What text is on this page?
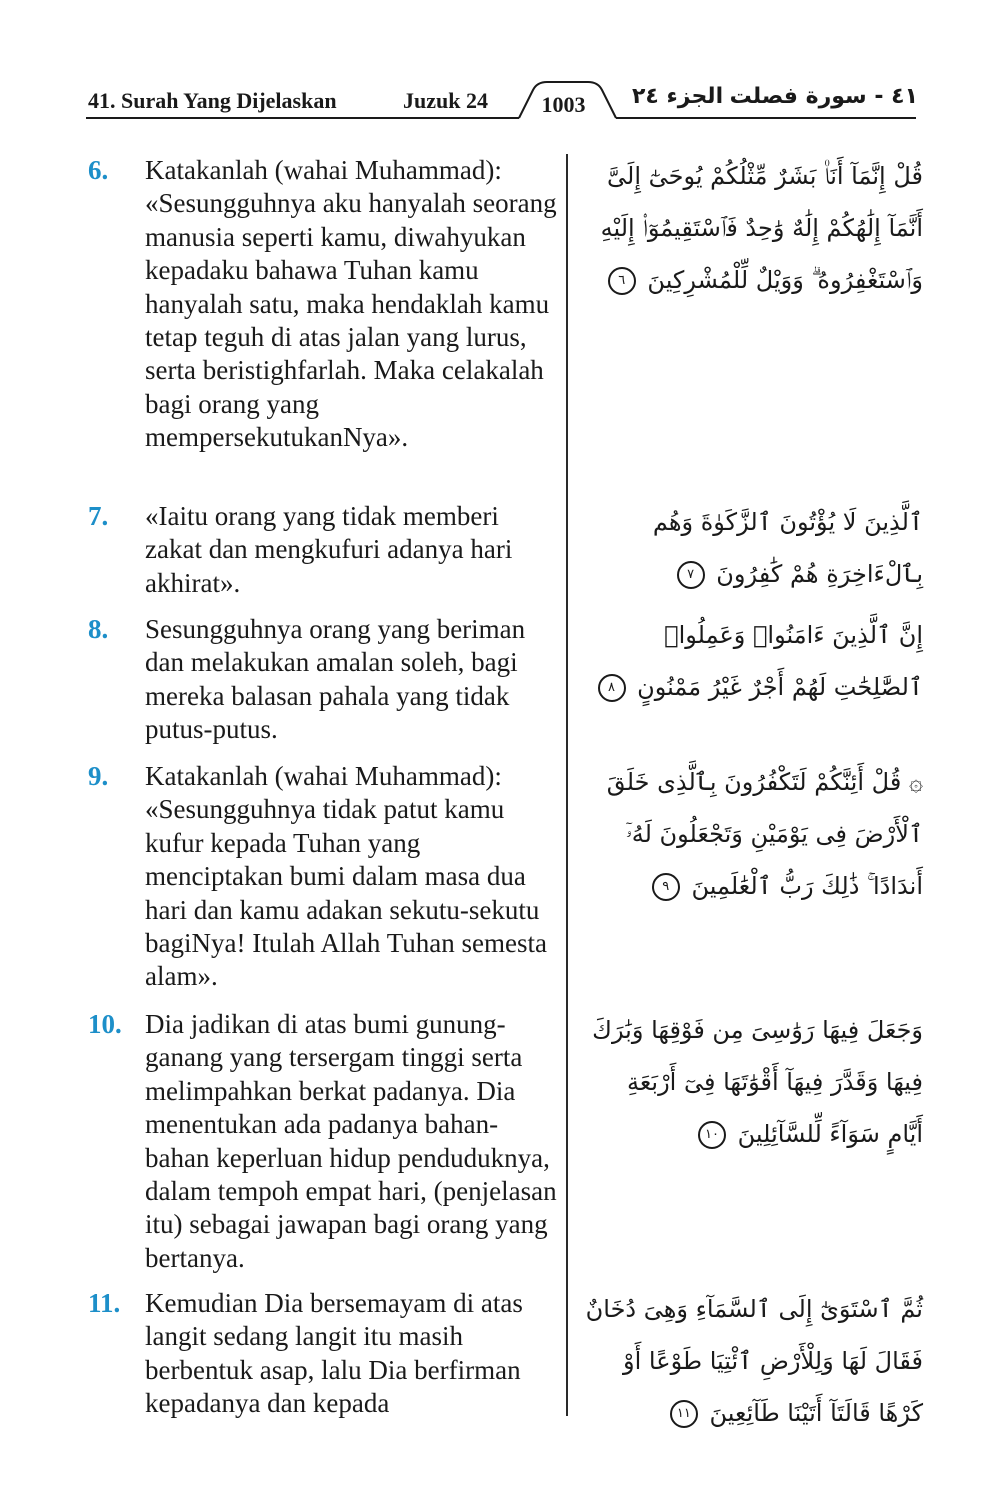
41. Surah Yang Dijelaskan	Juzuk 24	1003	الجزء ٢٤ ٤١ - سورة فصلت
6. Katakanlah (wahai Muhammad): «Sesungguhnya aku hanyalah seorang manusia seperti kamu, diwahyukan kepadaku bahawa Tuhan kamu hanyalah satu, maka hendaklah kamu tetap teguh di atas jalan yang lurus, serta beristighfarlah. Maka celakalah bagi orang yang mempersekutukanNya».
قُلْ إِنَّمَآ أَنَا۠ بَشَرٌ مِّثْلُكُمْ يُوحَىٰٓ إِلَىَّ أَنَّمَآ إِلَٰهُكُمْ إِلَٰهٌ وَٰحِدٌ فَٱسْتَقِيمُوٓا۟ إِلَيْهِ وَٱسْتَغْفِرُوهُ ۗ وَوَيْلٌ لِّلْمُشْرِكِينَ ٦
7. «Iaitu orang yang tidak memberi zakat dan mengkufuri adanya hari akhirat».
ٱلَّذِينَ لَا يُؤْتُونَ ٱلزَّكَوٰةَ وَهُم بِٱلْءَاخِرَةِ هُمْ كَٰفِرُونَ ٧
8. Sesungguhnya orang yang beriman dan melakukan amalan soleh, bagi mereka balasan pahala yang tidak putus-putus.
إِنَّ ٱلَّذِينَ ءَامَنُوا۟ وَعَمِلُوا۟ ٱلصَّٰلِحَٰتِ لَهُمْ أَجْرٌ غَيْرُ مَمْنُونٍ ٨
9. Katakanlah (wahai Muhammad): «Sesungguhnya tidak patut kamu kufur kepada Tuhan yang menciptakan bumi dalam masa dua hari dan kamu adakan sekutu-sekutu bagiNya! Itulah Allah Tuhan semesta alam».
۞ قُلْ أَئِنَّكُمْ لَتَكْفُرُونَ بِٱلَّذِى خَلَقَ ٱلْأَرْضَ فِى يَوْمَيْنِ وَتَجْعَلُونَ لَهُۥٓ أَندَادًا ۚ ذَٰلِكَ رَبُّ ٱلْعَٰلَمِينَ ٩
10. Dia jadikan di atas bumi gunung-ganang yang tersergam tinggi serta melimpahkan berkat padanya. Dia menentukan ada padanya bahan-bahan keperluan hidup penduduknya, dalam tempoh empat hari, (penjelasan itu) sebagai jawapan bagi orang yang bertanya.
وَجَعَلَ فِيهَا رَوَٰسِىَ مِن فَوْقِهَا وَبَٰرَكَ فِيهَا وَقَدَّرَ فِيهَآ أَقْوَٰتَهَا فِىٓ أَرْبَعَةِ أَيَّامٍ سَوَآءً لِّلسَّآئِلِينَ ١٠
11. Kemudian Dia bersemayam di atas langit sedang langit itu masih berbentuk asap, lalu Dia berfirman kepadanya dan kepada
ثُمَّ ٱسْتَوَىٰٓ إِلَى ٱلسَّمَآءِ وَهِىَ دُخَانٌ فَقَالَ لَهَا وَلِلْأَرْضِ ٱئْتِيَا طَوْعًا أَوْ كَرْهًا قَالَتَآ أَتَيْنَا طَآئِعِينَ ١١
